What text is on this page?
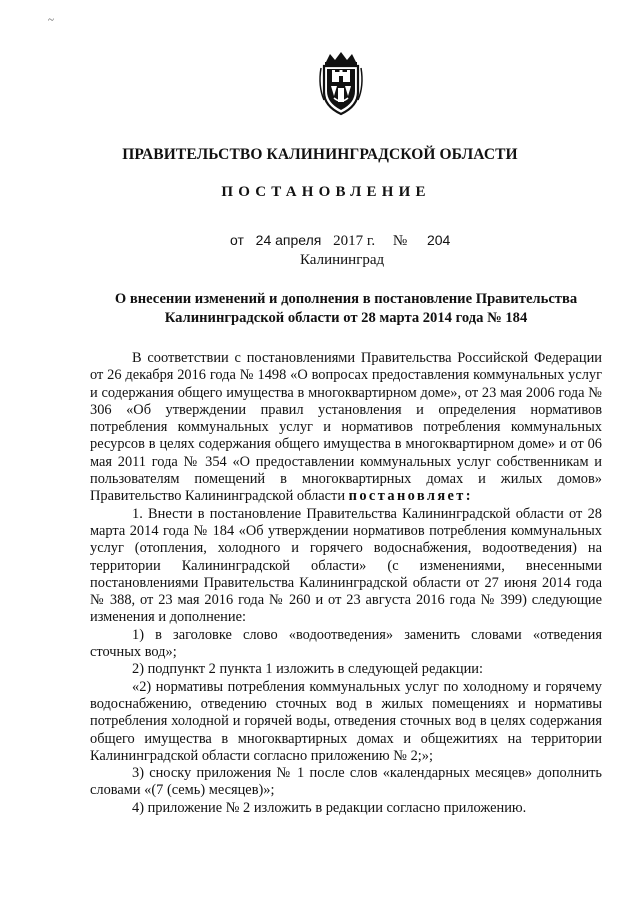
~
ПРАВИТЕЛЬСТВО КАЛИНИНГРАДСКОЙ ОБЛАСТИ
ПОСТАНОВЛЕНИЕ
от 24 апреля 2017 г. № 204
Калининград
О внесении изменений и дополнения в постановление Правительства Калининградской области от 28 марта 2014 года № 184

В соответствии с постановлениями Правительства Российской Федерации от 26 декабря 2016 года № 1498 «О вопросах предоставления коммунальных услуг и содержания общего имущества в многоквартирном доме», от 23 мая 2006 года № 306 «Об утверждении правил установления и определения нормативов потребления коммунальных услуг и нормативов потребления коммунальных ресурсов в целях содержания общего имущества в многоквартирном доме» и от 06 мая 2011 года № 354 «О предоставлении коммунальных услуг собственникам и пользователям помещений в многоквартирных домах и жилых домов» Правительство Калининградской области постановляет:

1. Внести в постановление Правительства Калининградской области от 28 марта 2014 года № 184 «Об утверждении нормативов потребления коммунальных услуг (отопления, холодного и горячего водоснабжения, водоотведения) на территории Калининградской области» (с изменениями, внесенными постановлениями Правительства Калининградской области от 27 июня 2014 года № 388, от 23 мая 2016 года № 260 и от 23 августа 2016 года № 399) следующие изменения и дополнение:

1) в заголовке слово «водоотведения» заменить словами «отведения сточных вод»;

2) подпункт 2 пункта 1 изложить в следующей редакции:

«2) нормативы потребления коммунальных услуг по холодному и горячему водоснабжению, отведению сточных вод в жилых помещениях и нормативы потребления холодной и горячей воды, отведения сточных вод в целях содержания общего имущества в многоквартирных домах и общежитиях на территории Калининградской области согласно приложению № 2;»;

3) сноску приложения № 1 после слов «календарных месяцев» дополнить словами «(7 (семь) месяцев)»;

4) приложение № 2 изложить в редакции согласно приложению.
